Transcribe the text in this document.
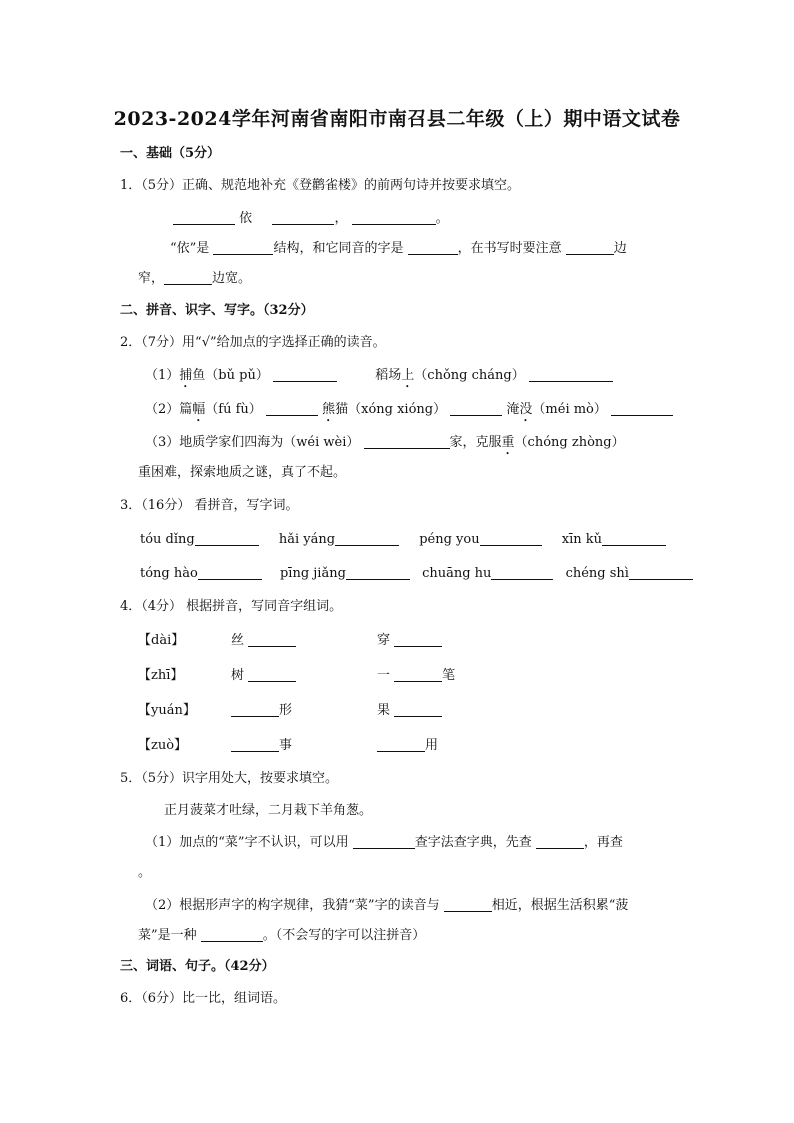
2023-2024学年河南省南阳市南召县二年级（上）期中语文试卷
一、基础（5分）
1．（5分）正确、规范地补充《登鹳雀楼》的前两句诗并按要求填空。
依	，	。
“依”是	结构，和它同音的字是	，在书写时要注意	边
窄，	边宽。
二、拼音、识字、写字。（32分）
2．（7分）用“√”给加点的字选择正确的读音。
（1）捕鱼（bǔ pǔ）	稻场上（chǒng cháng）
（2）篇幅（fú fù）	熊猫（xóng xióng）	淹没（méi mò）
（3）地质学家们四海为（wéi wèi）	家，克服重（chóng zhòng）
重困难，探索地质之谜，真了不起。
3．（16分） 看拼音，写字词。
tóu dǐng	hǎi yáng	péng you	xīn kǔ
tóng hào	pīng jiǎng	chuāng hu	chéng shì
4．（4分） 根据拼音，写同音字组词。
【dài】	丝	穿
【zhī】	树	一	笔
【yuán】	形	果
【zuò】	事	用
5．（5分）识字用处大，按要求填空。
正月菠菜才吐绿，二月栽下羊角葱。
（1）加点的“菜”字不认识，可以用	查字法查字典，先查	，再查
。
（2）根据形声字的构字规律，我猜“菜”字的读音与	相近，根据生活积累“菠
菜”是一种	。（不会写的字可以注拼音）
三、词语、句子。（42分）
6．（6分）比一比，组词语。
